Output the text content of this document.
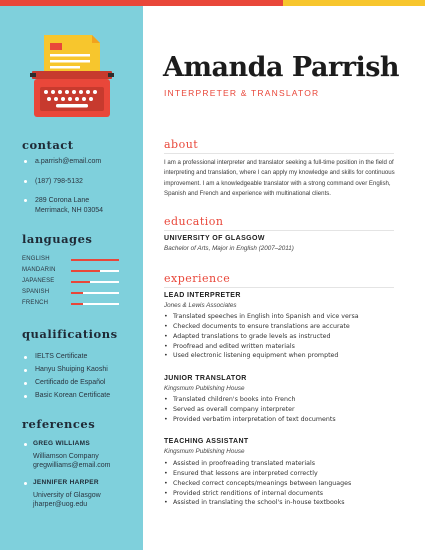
contact
a.parrish@email.com
(187) 798-5132
289 Corona Lane
Merrimack, NH 03054
languages
ENGLISH
MANDARIN
JAPANESE
SPANISH
FRENCH
qualifications
IELTS Certificate
Hanyu Shuiping Kaoshi
Certificado de Español
Basic Korean Certificate
references
GREG WILLIAMS
Williamson Company
gregwilliams@email.com
JENNIFER HARPER
University of Glasgow
jharper@uog.edu
Amanda Parrish
INTERPRETER & TRANSLATOR
about
I am a professional interpreter and translator seeking a full-time position in the field of interpreting and translation, where I can apply my knowledge and skills for continuous improvement. I am a knowledgeable translator with a strong command over English, Spanish and French and experience with multinational clients.
education
UNIVERSITY OF GLASGOW
Bachelor of Arts, Major in English (2007–2011)
experience
LEAD INTERPRETER
Jones & Lewis Associates
• Translated speeches in English into Spanish and vice versa
• Checked documents to ensure translations are accurate
• Adapted translations to grade levels as instructed
• Proofread and edited written materials
• Used electronic listening equipment when prompted
JUNIOR TRANSLATOR
Kingsmum Publishing House
• Translated children's books into French
• Served as overall company interpreter
• Provided verbatim interpretation of text documents
TEACHING ASSISTANT
Kingsmum Publishing House
• Assisted in proofreading translated materials
• Ensured that lessons are interpreted correctly
• Checked correct concepts/meanings between languages
• Provided strict renditions of internal documents
• Assisted in translating the school's in-house textbooks
